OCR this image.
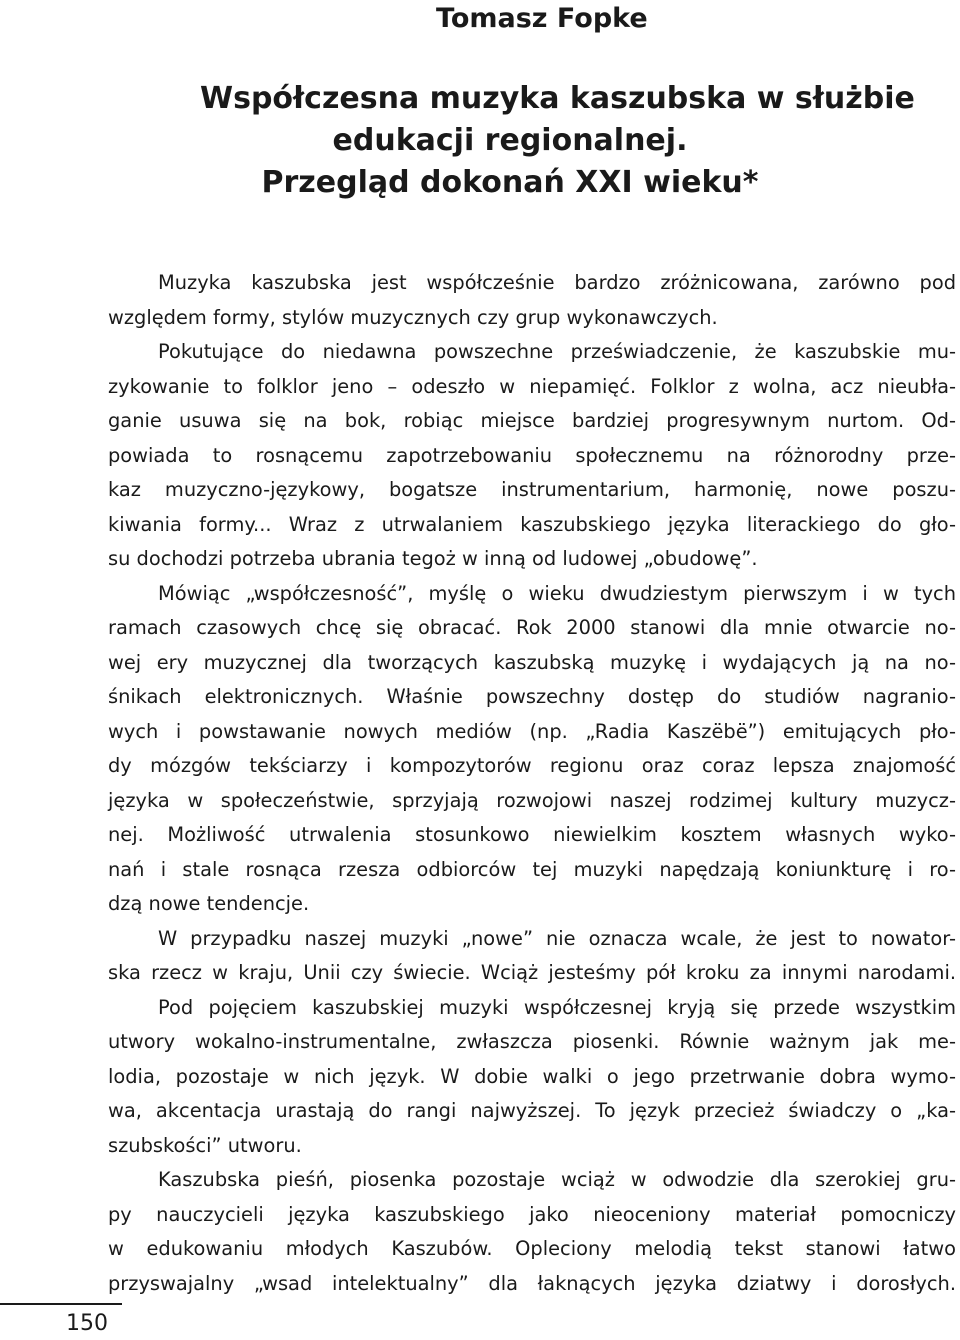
Tomasz Fopke
Współczesna muzyka kaszubska w służbie
edukacji regionalnej.
Przegląd dokonań XXI wieku*
Muzyka kaszubska jest współcześnie bardzo zróżnicowana, zarówno pod
względem formy, stylów muzycznych czy grup wykonawczych.
Pokutujące do niedawna powszechne przeświadczenie, że kaszubskie mu-
zykowanie to folklor jeno – odeszło w niepamięć. Folklor z wolna, acz nieubła-
ganie usuwa się na bok, robiąc miejsce bardziej progresywnym nurtom. Od-
powiada to rosnącemu zapotrzebowaniu społecznemu na różnorodny prze-
kaz muzyczno-językowy, bogatsze instrumentarium, harmonię, nowe poszu-
kiwania formy... Wraz z utrwalaniem kaszubskiego języka literackiego do gło-
su dochodzi potrzeba ubrania tegoż w inną od ludowej „obudowę”.
Mówiąc „współczesność”, myślę o wieku dwudziestym pierwszym i w tych
ramach czasowych chcę się obracać. Rok 2000 stanowi dla mnie otwarcie no-
wej ery muzycznej dla tworzących kaszubską muzykę i wydających ją na no-
śnikach elektronicznych. Właśnie powszechny dostęp do studiów nagranio-
wych i powstawanie nowych mediów (np. „Radia Kaszëbë”) emitujących pło-
dy mózgów tekściarzy i kompozytorów regionu oraz coraz lepsza znajomość
języka w społeczeństwie, sprzyjają rozwojowi naszej rodzimej kultury muzycz-
nej. Możliwość utrwalenia stosunkowo niewielkim kosztem własnych wyko-
nań i stale rosnąca rzesza odbiorców tej muzyki napędzają koniunkturę i ro-
dzą nowe tendencje.
W przypadku naszej muzyki „nowe” nie oznacza wcale, że jest to nowator-
ska rzecz w kraju, Unii czy świecie. Wciąż jesteśmy pół kroku za innymi narodami.
Pod pojęciem kaszubskiej muzyki współczesnej kryją się przede wszystkim
utwory wokalno-instrumentalne, zwłaszcza piosenki. Równie ważnym jak me-
lodia, pozostaje w nich język. W dobie walki o jego przetrwanie dobra wymo-
wa, akcentacja urastają do rangi najwyższej. To język przecież świadczy o „ka-
szubskości” utworu.
Kaszubska pieśń, piosenka pozostaje wciąż w odwodzie dla szerokiej gru-
py nauczycieli języka kaszubskiego jako nieoceniony materiał pomocniczy
w edukowaniu młodych Kaszubów. Opleciony melodią tekst stanowi łatwo
przyswajalny „wsad intelektualny” dla łaknących języka dziatwy i dorosłych.
150
